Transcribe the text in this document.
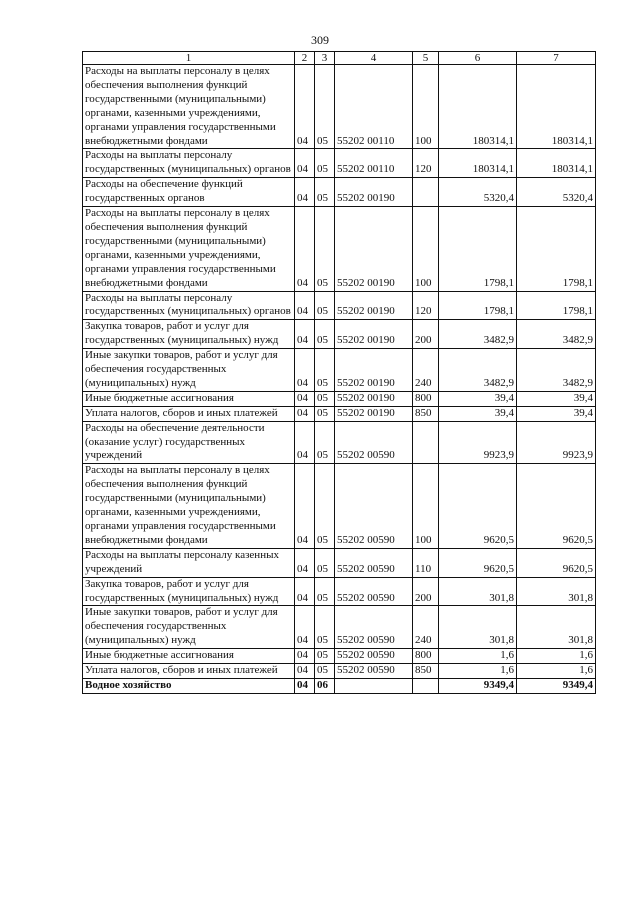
309
1	2	3	4	5	6	7
Расходы на выплаты персоналу в целях обеспечения выполнения функций государственными (муниципальными) органами, казенными учреждениями, органами управления государственными внебюджетными фондами	04	05	55202 00110	100	180314,1	180314,1
Расходы на выплаты персоналу государственных (муниципальных) органов	04	05	55202 00110	120	180314,1	180314,1
Расходы на обеспечение функций государственных органов	04	05	55202 00190		5320,4	5320,4
Расходы на выплаты персоналу в целях обеспечения выполнения функций государственными (муниципальными) органами, казенными учреждениями, органами управления государственными внебюджетными фондами	04	05	55202 00190	100	1798,1	1798,1
Расходы на выплаты персоналу государственных (муниципальных) органов	04	05	55202 00190	120	1798,1	1798,1
Закупка товаров, работ и услуг для государственных (муниципальных) нужд	04	05	55202 00190	200	3482,9	3482,9
Иные закупки товаров, работ и услуг для обеспечения государственных (муниципальных) нужд	04	05	55202 00190	240	3482,9	3482,9
Иные бюджетные ассигнования	04	05	55202 00190	800	39,4	39,4
Уплата налогов, сборов и иных платежей	04	05	55202 00190	850	39,4	39,4
Расходы на обеспечение деятельности (оказание услуг) государственных учреждений	04	05	55202 00590		9923,9	9923,9
Расходы на выплаты персоналу в целях обеспечения выполнения функций государственными (муниципальными) органами, казенными учреждениями, органами управления государственными внебюджетными фондами	04	05	55202 00590	100	9620,5	9620,5
Расходы на выплаты персоналу казенных учреждений	04	05	55202 00590	110	9620,5	9620,5
Закупка товаров, работ и услуг для государственных (муниципальных) нужд	04	05	55202 00590	200	301,8	301,8
Иные закупки товаров, работ и услуг для обеспечения государственных (муниципальных) нужд	04	05	55202 00590	240	301,8	301,8
Иные бюджетные ассигнования	04	05	55202 00590	800	1,6	1,6
Уплата налогов, сборов и иных платежей	04	05	55202 00590	850	1,6	1,6
Водное хозяйство	04	06			9349,4	9349,4
